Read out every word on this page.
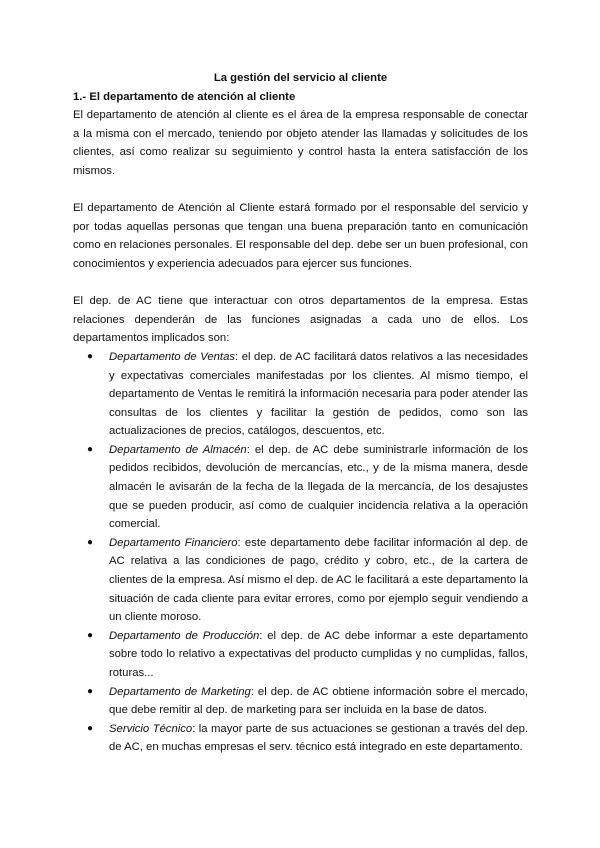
La gestión del servicio al cliente

1.- El departamento de atención al cliente

El departamento de atención al cliente es el área de la empresa responsable de conectar a la misma con el mercado, teniendo por objeto atender las llamadas y solicitudes de los clientes, así como realizar su seguimiento y control hasta la entera satisfacción de los mismos.

El departamento de Atención al Cliente estará formado por el responsable del servicio y por todas aquellas personas que tengan una buena preparación tanto en comunicación como en relaciones personales. El responsable del dep. debe ser un buen profesional, con conocimientos y experiencia adecuados para ejercer sus funciones.

El dep. de AC tiene que interactuar con otros departamentos de la empresa. Estas relaciones dependerán de las funciones asignadas a cada uno de ellos. Los departamentos implicados son:

● Departamento de Ventas: el dep. de AC facilitará datos relativos a las necesidades y expectativas comerciales manifestadas por los clientes. Al mismo tiempo, el departamento de Ventas le remitirá la información necesaria para poder atender las consultas de los clientes y facilitar la gestión de pedidos, como son las actualizaciones de precios, catálogos, descuentos, etc.
● Departamento de Almacén: el dep. de AC debe suministrarle información de los pedidos recibidos, devolución de mercancías, etc., y de la misma manera, desde almacén le avisarán de la fecha de la llegada de la mercancía, de los desajustes que se pueden producir, así como de cualquier incidencia relativa a la operación comercial.
● Departamento Financiero: este departamento debe facilitar información al dep. de AC relativa a las condiciones de pago, crédito y cobro, etc., de la cartera de clientes de la empresa. Así mismo el dep. de AC le facilitará a este departamento la situación de cada cliente para evitar errores, como por ejemplo seguir vendiendo a un cliente moroso.
● Departamento de Producción: el dep. de AC debe informar a este departamento sobre todo lo relativo a expectativas del producto cumplidas y no cumplidas, fallos, roturas...
● Departamento de Marketing: el dep. de AC obtiene información sobre el mercado, que debe remitir al dep. de marketing para ser incluida en la base de datos.
● Servicio Técnico: la mayor parte de sus actuaciones se gestionan a través del dep. de AC, en muchas empresas el serv. técnico está integrado en este departamento.
